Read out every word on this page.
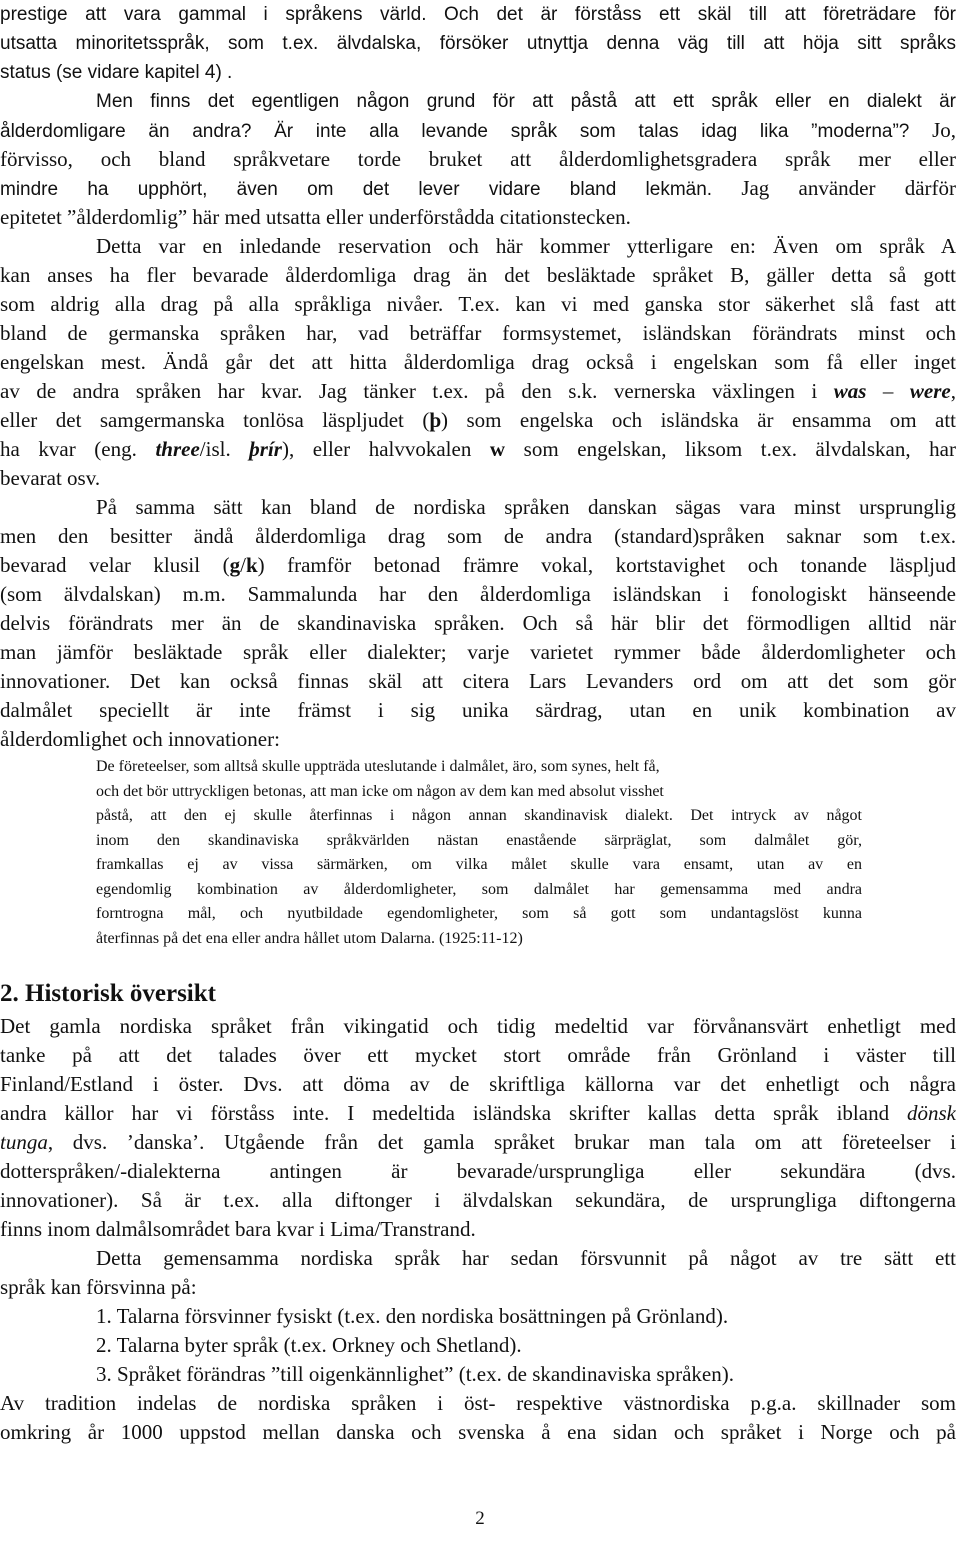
prestige att vara gammal i språkens värld. Och det är förståss ett skäl till att företrädare för
utsatta minoritetsspråk, som t.ex. älvdalska, försöker utnyttja denna väg till att höja sitt språks
status (se vidare kapitel 4) .
Men finns det egentligen någon grund för att påstå att ett språk eller en dialekt är
ålderdomligare än andra? Är inte alla levande språk som talas idag lika ”moderna”? Jo,
förvisso, och bland språkvetare torde bruket att ålderdomlighetsgradera språk mer eller
mindre ha upphört, även om det lever vidare bland lekmän. Jag använder därför
epitetet ”ålderdomlig” här med utsatta eller underförstådda citationstecken.
Detta var en inledande reservation och här kommer ytterligare en: Även om språk A
kan anses ha fler bevarade ålderdomliga drag än det besläktade språket B, gäller detta så gott
som aldrig alla drag på alla språkliga nivåer. T.ex. kan vi med ganska stor säkerhet slå fast att
bland de germanska språken har, vad beträffar formsystemet, isländskan förändrats minst och
engelskan mest. Ändå går det att hitta ålderdomliga drag också i engelskan som få eller inget
av de andra språken har kvar. Jag tänker t.ex. på den s.k. vernerska växlingen i was – were,
eller det samgermanska tonlösa läspljudet (þ) som engelska och isländska är ensamma om att
ha kvar (eng. three/isl. þrír), eller halvvokalen w som engelskan, liksom t.ex. älvdalskan, har
bevarat osv.
På samma sätt kan bland de nordiska språken danskan sägas vara minst ursprunglig
men den besitter ändå ålderdomliga drag som de andra (standard)språken saknar som t.ex.
bevarad velar klusil (g/k) framför betonad främre vokal, kortstavighet och tonande läspljud
(som älvdalskan) m.m. Sammalunda har den ålderdomliga isländskan i fonologiskt hänseende
delvis förändrats mer än de skandinaviska språken. Och så här blir det förmodligen alltid när
man jämför besläktade språk eller dialekter; varje varietet rymmer både ålderdomligheter och
innovationer. Det kan också finnas skäl att citera Lars Levanders ord om att det som gör
dalmålet speciellt är inte främst i sig unika särdrag, utan en unik kombination av
ålderdomlighet och innovationer:
De företeelser, som alltså skulle uppträda uteslutande i dalmålet, äro, som synes, helt få,
och det bör uttryckligen betonas, att man icke om någon av dem kan med absolut visshet
påstå, att den ej skulle återfinnas i någon annan skandinavisk dialekt. Det intryck av något
inom den skandinaviska språkvärlden nästan enastående särpräglat, som dalmålet gör,
framkallas ej av vissa särmärken, om vilka målet skulle vara ensamt, utan av en
egendomlig kombination av ålderdomligheter, som dalmålet har gemensamma med andra
forntrogna mål, och nyutbildade egendomligheter, som så gott som undantagslöst kunna
återfinnas på det ena eller andra hållet utom Dalarna. (1925:11-12)
2. Historisk översikt
Det gamla nordiska språket från vikingatid och tidig medeltid var förvånansvärt enhetligt med
tanke på att det talades över ett mycket stort område från Grönland i väster till
Finland/Estland i öster. Dvs. att döma av de skriftliga källorna var det enhetligt och några
andra källor har vi förståss inte. I medeltida isländska skrifter kallas detta språk ibland dönsk
tunga, dvs. ’danska’. Utgående från det gamla språket brukar man tala om att företeelser i
dotterspråken/-dialekterna antingen är bevarade/ursprungliga eller sekundära (dvs.
innovationer). Så är t.ex. alla diftonger i älvdalskan sekundära, de ursprungliga diftongerna
finns inom dalmålsområdet bara kvar i Lima/Transtrand.
Detta gemensamma nordiska språk har sedan försvunnit på något av tre sätt ett
språk kan försvinna på:
1. Talarna försvinner fysiskt (t.ex. den nordiska bosättningen på Grönland).
2. Talarna byter språk (t.ex. Orkney och Shetland).
3. Språket förändras ”till oigenkännlighet” (t.ex. de skandinaviska språken).
Av tradition indelas de nordiska språken i öst- respektive västnordiska p.g.a. skillnader som
omkring år 1000 uppstod mellan danska och svenska å ena sidan och språket i Norge och på
2
